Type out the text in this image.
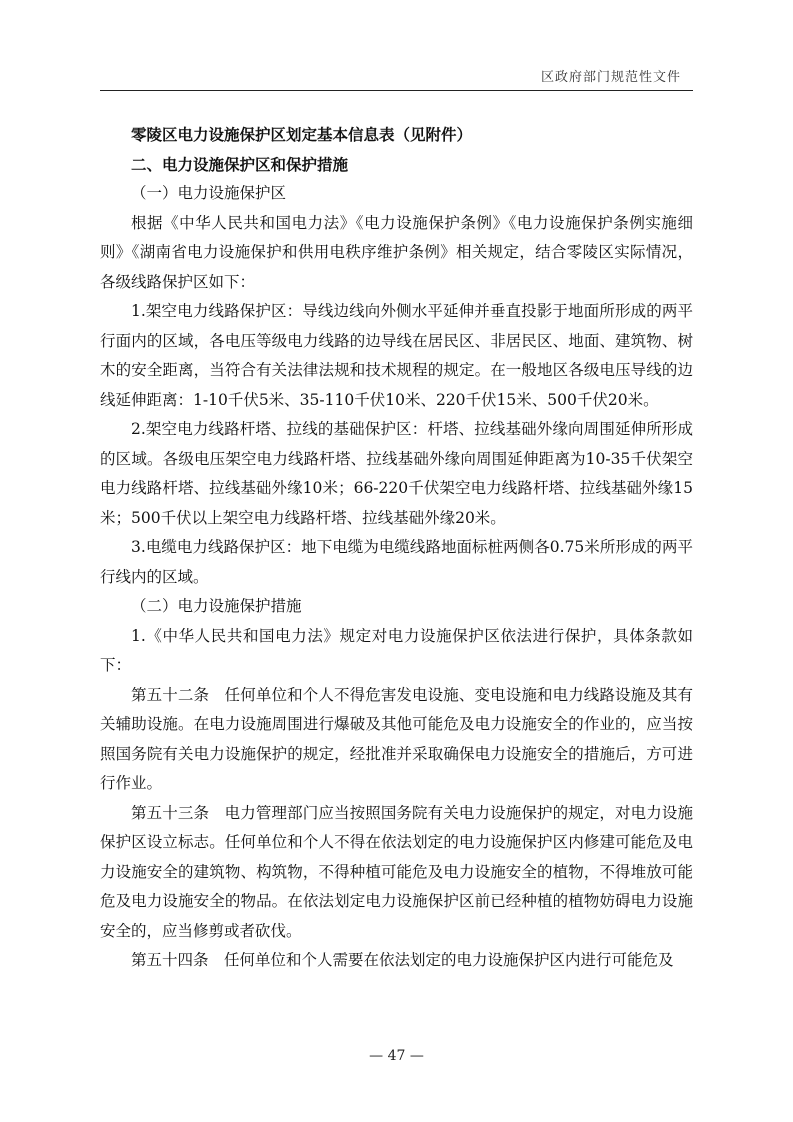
区政府部门规范性文件

零陵区电力设施保护区划定基本信息表（见附件）

二、电力设施保护区和保护措施

（一）电力设施保护区

根据《中华人民共和国电力法》《电力设施保护条例》《电力设施保护条例实施细则》《湖南省电力设施保护和供用电秩序维护条例》相关规定，结合零陵区实际情况，各级线路保护区如下：

1.架空电力线路保护区：导线边线向外侧水平延伸并垂直投影于地面所形成的两平行面内的区域，各电压等级电力线路的边导线在居民区、非居民区、地面、建筑物、树木的安全距离，当符合有关法律法规和技术规程的规定。在一般地区各级电压导线的边线延伸距离：1-10千伏5米、35-110千伏10米、220千伏15米、500千伏20米。

2.架空电力线路杆塔、拉线的基础保护区：杆塔、拉线基础外缘向周围延伸所形成的区域。各级电压架空电力线路杆塔、拉线基础外缘向周围延伸距离为10-35千伏架空电力线路杆塔、拉线基础外缘10米；66-220千伏架空电力线路杆塔、拉线基础外缘15米；500千伏以上架空电力线路杆塔、拉线基础外缘20米。

3.电缆电力线路保护区：地下电缆为电缆线路地面标桩两侧各0.75米所形成的两平行线内的区域。

（二）电力设施保护措施

1.《中华人民共和国电力法》规定对电力设施保护区依法进行保护，具体条款如下：

第五十二条　任何单位和个人不得危害发电设施、变电设施和电力线路设施及其有关辅助设施。在电力设施周围进行爆破及其他可能危及电力设施安全的作业的，应当按照国务院有关电力设施保护的规定，经批准并采取确保电力设施安全的措施后，方可进行作业。

第五十三条　电力管理部门应当按照国务院有关电力设施保护的规定，对电力设施保护区设立标志。任何单位和个人不得在依法划定的电力设施保护区内修建可能危及电力设施安全的建筑物、构筑物，不得种植可能危及电力设施安全的植物，不得堆放可能危及电力设施安全的物品。在依法划定电力设施保护区前已经种植的植物妨碍电力设施安全的，应当修剪或者砍伐。

第五十四条　任何单位和个人需要在依法划定的电力设施保护区内进行可能危及

— 47 —
